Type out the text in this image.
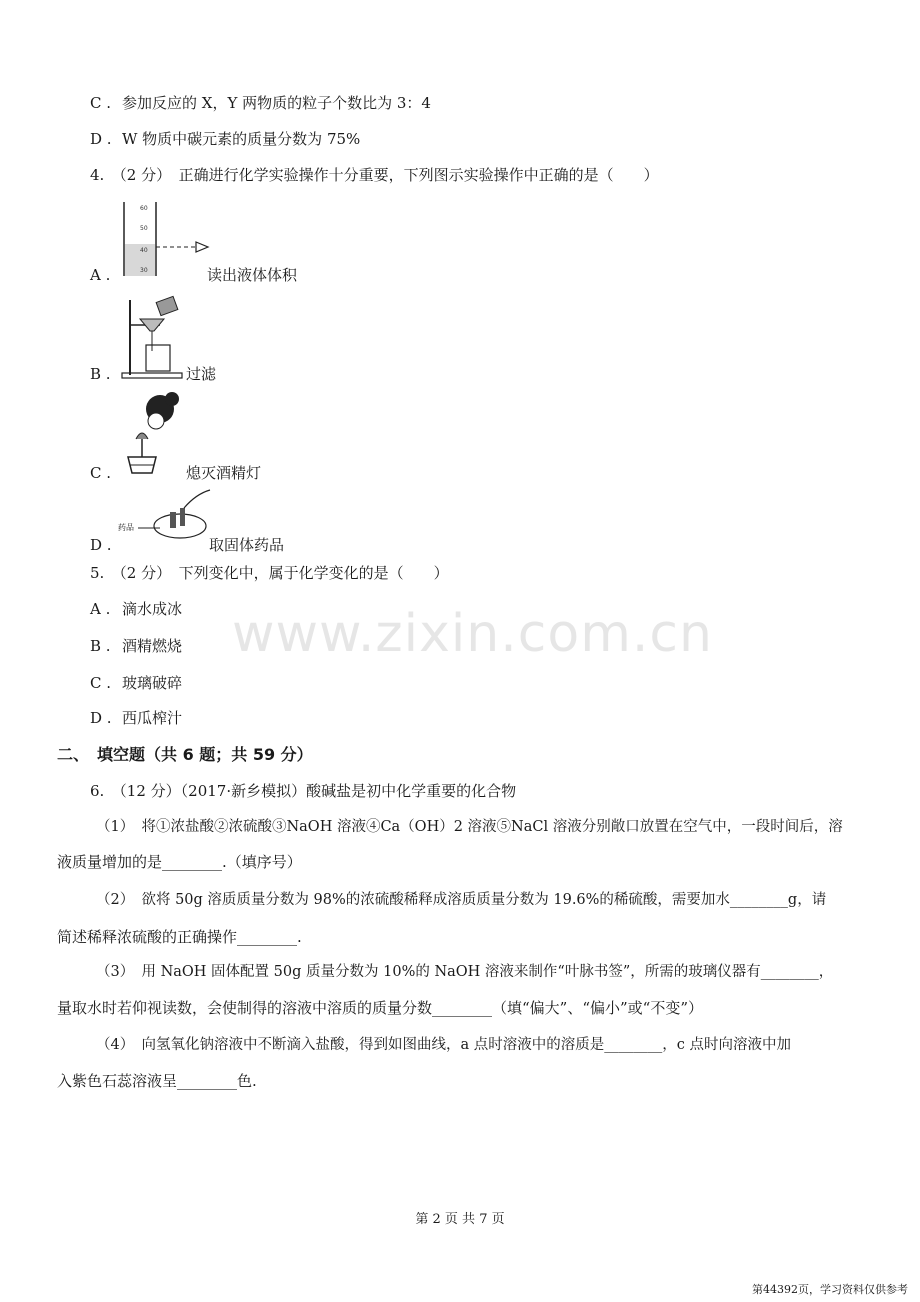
C . 参加反应的 X，Y 两物质的粒子个数比为 3：4
D . W 物质中碳元素的质量分数为 75%
4.　（2 分）　正确进行化学实验操作十分重要，下列图示实验操作中正确的是（　　）
60
50
40
30
A .	读出液体体积
B .	过滤
C .	熄灭酒精灯
药品
D .	取固体药品
5.　（2 分）　下列变化中，属于化学变化的是（　　）
A . 滴水成冰
B . 酒精燃烧
C . 玻璃破碎
D . 西瓜榨汁
www.zixin.com.cn
二、　填空题（共 6 题；共 59 分）
6.　（12 分）（2017·新乡模拟）酸碱盐是初中化学重要的化合物
（1）　将①浓盐酸②浓硫酸③NaOH 溶液④Ca（OH）2 溶液⑤NaCl 溶液分别敞口放置在空气中，一段时间后，溶
液质量增加的是________.（填序号）
（2）　欲将 50g 溶质质量分数为 98%的浓硫酸稀释成溶质质量分数为 19.6%的稀硫酸，需要加水________g，请
简述稀释浓硫酸的正确操作________.
（3）　用 NaOH 固体配置 50g 质量分数为 10%的 NaOH 溶液来制作“叶脉书签”，所需的玻璃仪器有________，
量取水时若仰视读数，会使制得的溶液中溶质的质量分数________（填“偏大”、“偏小”或“不变”）
（4）　向氢氧化钠溶液中不断滴入盐酸，得到如图曲线，a 点时溶液中的溶质是________，c 点时向溶液中加
入紫色石蕊溶液呈________色.
第 2 页 共 7 页
第44392页，学习资料仅供参考
